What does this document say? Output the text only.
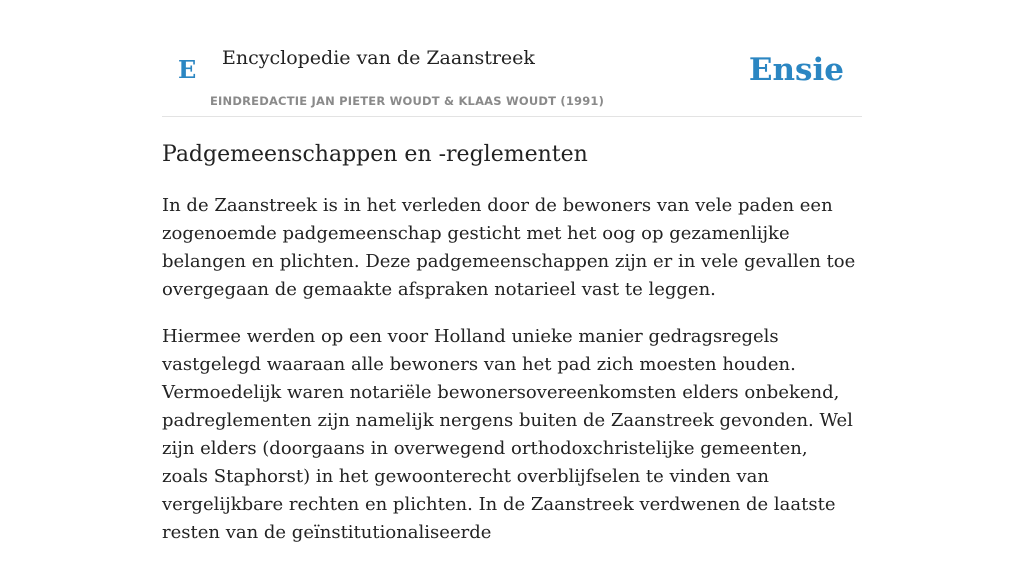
E Encyclopedie van de Zaanstreek
EINDREDACTIE JAN PIETER WOUDT & KLAAS WOUDT (1991)
Ensie
Padgemeenschappen en -reglementen

In de Zaanstreek is in het verleden door de bewoners van vele paden een zogenoemde padgemeenschap gesticht met het oog op gezamenlijke belangen en plichten. Deze padgemeenschappen zijn er in vele gevallen toe overgegaan de gemaakte afspraken notarieel vast te leggen.

Hiermee werden op een voor Holland unieke manier gedragsregels vastgelegd waaraan alle bewoners van het pad zich moesten houden. Vermoedelijk waren notariële bewonersovereenkomsten elders onbekend, padreglementen zijn namelijk nergens buiten de Zaanstreek gevonden. Wel zijn elders (doorgaans in overwegend orthodoxchristelijke gemeenten, zoals Staphorst) in het gewoonterecht overblijfselen te vinden van vergelijkbare rechten en plichten. In de Zaanstreek verdwenen de laatste resten van de geïnstitutionaliseerde
